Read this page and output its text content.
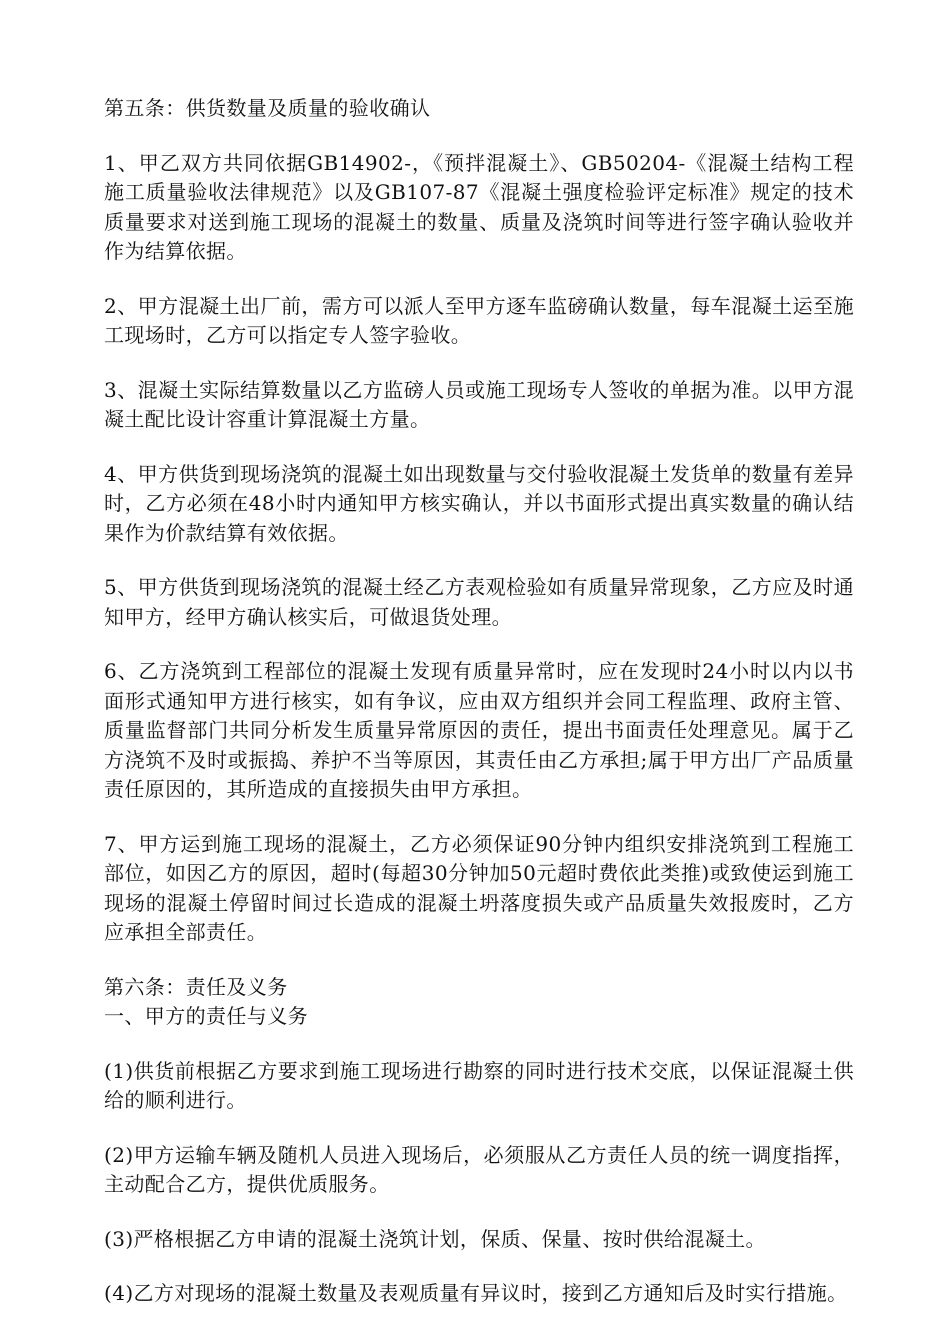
第五条：供货数量及质量的验收确认
1、甲乙双方共同依据GB14902-，《预拌混凝土》、GB50204-《混凝土结构工程施工质量验收法律规范》以及GB107-87《混凝土强度检验评定标准》规定的技术质量要求对送到施工现场的混凝土的数量、质量及浇筑时间等进行签字确认验收并作为结算依据。
2、甲方混凝土出厂前，需方可以派人至甲方逐车监磅确认数量，每车混凝土运至施工现场时，乙方可以指定专人签字验收。
3、混凝土实际结算数量以乙方监磅人员或施工现场专人签收的单据为准。以甲方混凝土配比设计容重计算混凝土方量。
4、甲方供货到现场浇筑的混凝土如出现数量与交付验收混凝土发货单的数量有差异时，乙方必须在48小时内通知甲方核实确认，并以书面形式提出真实数量的确认结果作为价款结算有效依据。
5、甲方供货到现场浇筑的混凝土经乙方表观检验如有质量异常现象，乙方应及时通知甲方，经甲方确认核实后，可做退货处理。
6、乙方浇筑到工程部位的混凝土发现有质量异常时，应在发现时24小时以内以书面形式通知甲方进行核实，如有争议，应由双方组织并会同工程监理、政府主管、质量监督部门共同分析发生质量异常原因的责任，提出书面责任处理意见。属于乙方浇筑不及时或振捣、养护不当等原因，其责任由乙方承担;属于甲方出厂产品质量责任原因的，其所造成的直接损失由甲方承担。
7、甲方运到施工现场的混凝土，乙方必须保证90分钟内组织安排浇筑到工程施工部位，如因乙方的原因，超时(每超30分钟加50元超时费依此类推)或致使运到施工现场的混凝土停留时间过长造成的混凝土坍落度损失或产品质量失效报废时，乙方应承担全部责任。
第六条：责任及义务
一、甲方的责任与义务
(1)供货前根据乙方要求到施工现场进行勘察的同时进行技术交底，以保证混凝土供给的顺利进行。
(2)甲方运输车辆及随机人员进入现场后，必须服从乙方责任人员的统一调度指挥，主动配合乙方，提供优质服务。
(3)严格根据乙方申请的混凝土浇筑计划，保质、保量、按时供给混凝土。
(4)乙方对现场的混凝土数量及表观质量有异议时，接到乙方通知后及时实行措施。
